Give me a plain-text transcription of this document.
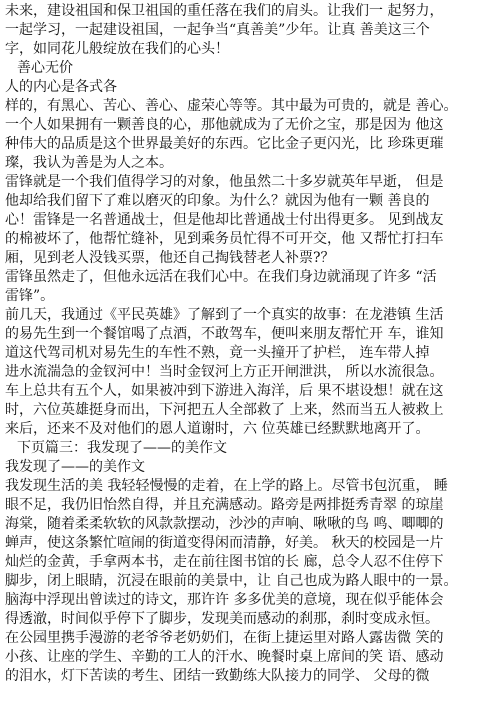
未来，建设祖国和保卫祖国的重任落在我们的肩头。让我们一 起努力，
一起学习，一起建设祖国，一起争当“真善美”少年。让真 善美这三个
字，如同花儿般绽放在我们的心头！
善心无价
人的内心是各式各
样的，有黑心、苦心、善心、虚荣心等等。其中最为可贵的，就是 善心。
一个人如果拥有一颗善良的心，那他就成为了无价之宝，那是因为 他这
种伟大的品质是这个世界最美好的东西。它比金子更闪光，比 珍珠更璀
璨，我认为善是为人之本。
雷锋就是一个我们值得学习的对象，他虽然二十多岁就英年早逝， 但是
他却给我们留下了难以磨灭的印象。为什么？就因为他有一颗 善良的
心！雷锋是一名普通战士，但是他却比普通战士付出得更多。 见到战友
的棉被坏了，他帮忙缝补，见到乘务员忙得不可开交，他 又帮忙打扫车
厢，见到老人没钱买票，他还自己掏钱替老人补票?？
雷锋虽然走了，但他永远活在我们心中。在我们身边就涌现了许多 “活
雷锋”。
前几天，我通过《平民英雄》了解到了一个真实的故事：在龙港镇 生活
的易先生到一个餐馆喝了点酒，不敢驾车，便叫来朋友帮忙开 车，谁知
道这代驾司机对易先生的车性不熟，竟一头撞开了护栏， 连车带人掉
进水流湍急的金钗河中！当时金钗河上方正开闸泄洪， 所以水流很急。
车上总共有五个人，如果被冲到下游进入海洋，后 果不堪设想！就在这
时，六位英雄挺身而出，下河把五人全部救了 上来，然而当五人被救上
来后，还来不及对他们的恩人道谢时，六 位英雄已经默默地离开了。
下页篇三：我发现了——的美作文
我发现了——的美作文
我发现生活的美 我轻轻慢慢的走着，在上学的路上。尽管书包沉重， 睡
眼不足，我仍旧怡然自得，并且充满感动。路旁是两排挺秀青翠 的琼崖
海棠，随着柔柔软软的风款款摆动，沙沙的声响、啾啾的鸟 鸣、唧唧的
蝉声，使这条繁忙喧闹的街道变得闲而清静，好美。 秋天的校园是一片
灿烂的金黄，手拿两本书，走在前往图书馆的长 廊，总令人忍不住停下
脚步，闭上眼睛，沉浸在眼前的美景中，让 自己也成为路人眼中的一景。
脑海中浮现出曾读过的诗文，那许许 多多优美的意境，现在似乎能体会
得透澈，时间似乎停下了脚步，发现美而感动的刹那，刹时变成永恒。
在公园里携手漫游的老爷爷老奶奶们，在街上捷运里对路人露齿微 笑的
小孩、让座的学生、辛勤的工人的汗水、晚餐时桌上席间的笑 语、感动
的泪水，灯下苦读的考生、团结一致勤练大队接力的同学、 父母的微
